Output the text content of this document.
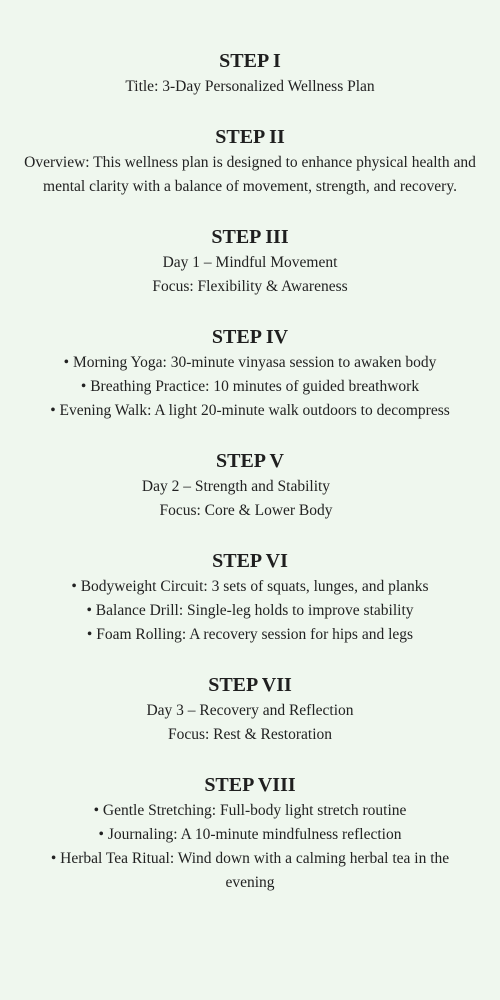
STEP I

Title: 3-Day Personalized Wellness Plan

STEP II

Overview: This wellness plan is designed to enhance physical health and mental clarity with a balance of movement, strength, and recovery.

STEP III

Day 1 – Mindful Movement

Focus: Flexibility & Awareness

STEP IV

• Morning Yoga: 30-minute vinyasa session to awaken body

• Breathing Practice: 10 minutes of guided breathwork

• Evening Walk: A light 20-minute walk outdoors to decompress

STEP V

Day 2 – Strength and Stability

Focus: Core & Lower Body

STEP VI

• Bodyweight Circuit: 3 sets of squats, lunges, and planks

• Balance Drill: Single-leg holds to improve stability

• Foam Rolling: A recovery session for hips and legs

STEP VII

Day 3 – Recovery and Reflection

Focus: Rest & Restoration

STEP VIII

• Gentle Stretching: Full-body light stretch routine

• Journaling: A 10-minute mindfulness reflection

• Herbal Tea Ritual: Wind down with a calming herbal tea in the evening
